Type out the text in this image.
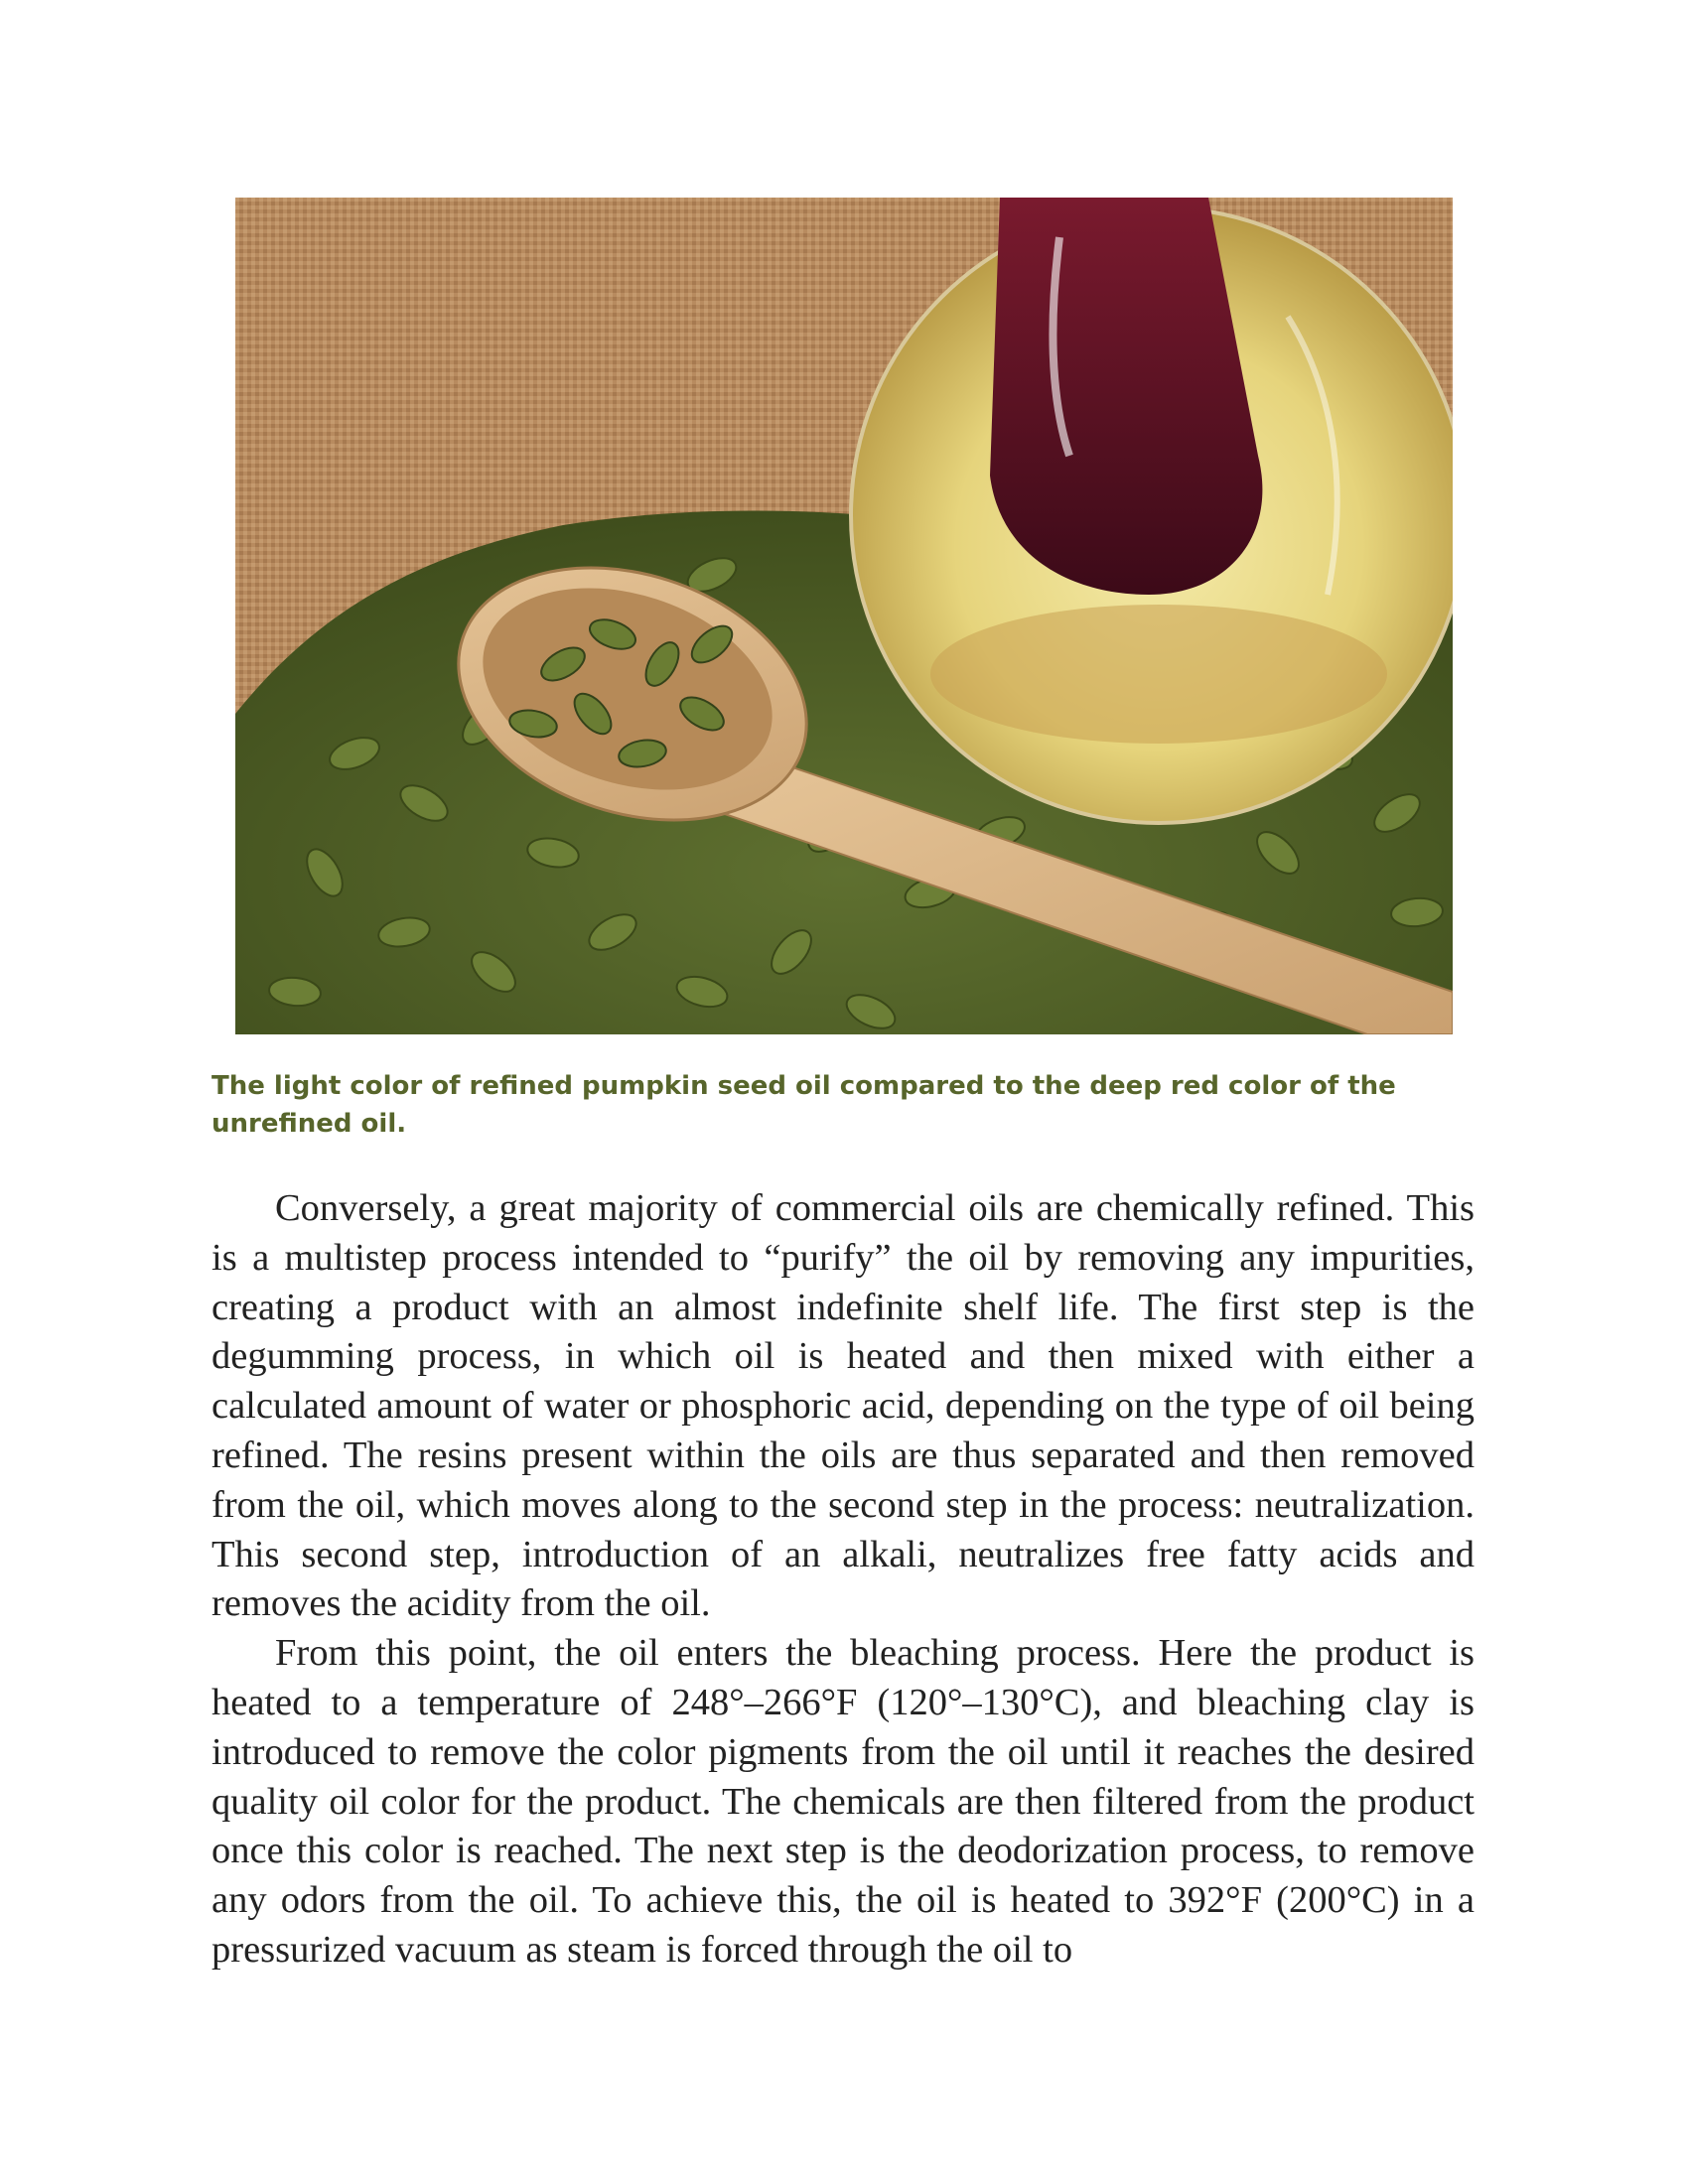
The light color of refined pumpkin seed oil compared to the deep red color of the unrefined oil.

Conversely, a great majority of commercial oils are chemically refined. This is a multistep process intended to “purify” the oil by removing any impurities, creating a product with an almost indefinite shelf life. The first step is the degumming process, in which oil is heated and then mixed with either a calculated amount of water or phosphoric acid, depending on the type of oil being refined. The resins present within the oils are thus separated and then removed from the oil, which moves along to the second step in the process: neutralization. This second step, introduction of an alkali, neutralizes free fatty acids and removes the acidity from the oil.

From this point, the oil enters the bleaching process. Here the product is heated to a temperature of 248°–266°F (120°–130°C), and bleaching clay is introduced to remove the color pigments from the oil until it reaches the desired quality oil color for the product. The chemicals are then filtered from the product once this color is reached. The next step is the deodorization process, to remove any odors from the oil. To achieve this, the oil is heated to 392°F (200°C) in a pressurized vacuum as steam is forced through the oil to
